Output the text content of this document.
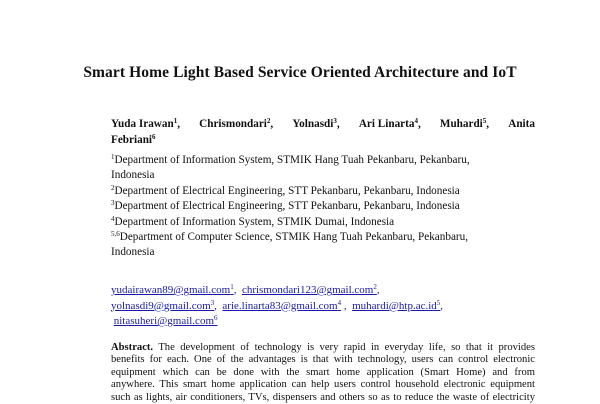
Smart Home Light Based Service Oriented Architecture and IoT
Yuda Irawan$^1$, Chrismondari$^2$, Yolnasdi$^3$, Ari Linarta$^4$, Muhardi$^5$, Anita
Febriani$^6$
$^1$Department of Information System, STMIK Hang Tuah Pekanbaru, Pekanbaru,
Indonesia
$^2$Department of Electrical Engineering, STT Pekanbaru, Pekanbaru, Indonesia
$^3$Department of Electrical Engineering, STT Pekanbaru, Pekanbaru, Indonesia
$^4$Department of Information System, STMIK Dumai, Indonesia
$^{5,6}$Department of Computer Science, STMIK Hang Tuah Pekanbaru, Pekanbaru,
Indonesia
yudairawan89@gmail.com$^1$,  chrismondari123@gmail.com$^2$,
yolnasdi9@gmail.com$^3$,  arie.linarta83@gmail.com$^4$ ,  $muhardi@htp.ac.id^5$,
nitasuheri@gmail.com$^6$
Abstract. The development of technology is very rapid in everyday life, so that it provides
benefits for each. One of the advantages is that with technology, users can control electronic
equipment which can be done with the smart home application (Smart Home) and from
anywhere. This smart home application can help users control household electronic equipment
such as lights, air conditioners, TVs, dispensers and others so as to reduce the waste of electricity
